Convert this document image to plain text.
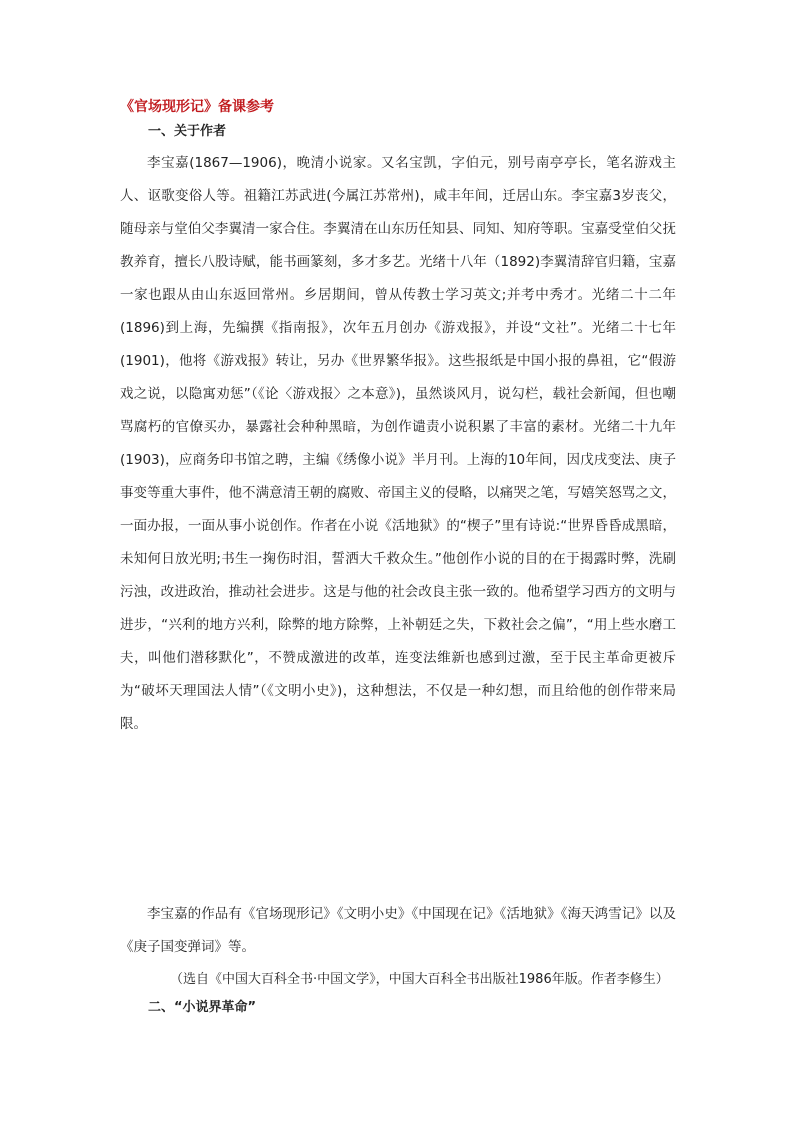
《官场现形记》备课参考
一、关于作者

李宝嘉(1867—1906)，晚清小说家。又名宝凯，字伯元，别号南亭亭长，笔名游戏主人、讴歌变俗人等。祖籍江苏武进(今属江苏常州)，咸丰年间，迁居山东。李宝嘉3岁丧父，随母亲与堂伯父李翼清一家合住。李翼清在山东历任知县、同知、知府等职。宝嘉受堂伯父抚教养育，擅长八股诗赋，能书画篆刻，多才多艺。光绪十八年（1892)李翼清辞官归籍，宝嘉一家也跟从由山东返回常州。乡居期间，曾从传教士学习英文;并考中秀才。光绪二十二年(1896)到上海，先编撰《指南报》，次年五月创办《游戏报》，并设“文社”。光绪二十七年(1901)，他将《游戏报》转让，另办《世界繁华报》。这些报纸是中国小报的鼻祖，它“假游戏之说，以隐寓劝惩”（《论〈游戏报〉之本意》)，虽然谈风月，说勾栏，载社会新闻，但也嘲骂腐朽的官僚买办，暴露社会种种黑暗，为创作谴责小说积累了丰富的素材。光绪二十九年(1903)，应商务印书馆之聘，主编《绣像小说》半月刊。上海的10年间，因戊戌变法、庚子事变等重大事件，他不满意清王朝的腐败、帝国主义的侵略，以痛哭之笔，写嬉笑怒骂之文，一面办报，一面从事小说创作。作者在小说《活地狱》的“楔子”里有诗说:“世界昏昏成黑暗，未知何日放光明;书生一掬伤时泪，誓洒大千救众生。”他创作小说的目的在于揭露时弊，洗刷污浊，改进政治，推动社会进步。这是与他的社会改良主张一致的。他希望学习西方的文明与进步，“兴利的地方兴利，除弊的地方除弊，上补朝廷之失，下救社会之偏”，“用上些水磨工夫，叫他们潜移默化”，不赞成激进的改革，连变法维新也感到过激，至于民主革命更被斥为“破坏天理国法人情”（《文明小史》)，这种想法，不仅是一种幻想，而且给他的创作带来局限。

李宝嘉的作品有《官场现形记》《文明小史》《中国现在记》《活地狱》《海天鸿雪记》以及《庚子国变弹词》等。

（选自《中国大百科全书·中国文学》，中国大百科全书出版社1986年版。作者李修生）
二、“小说界革命”
